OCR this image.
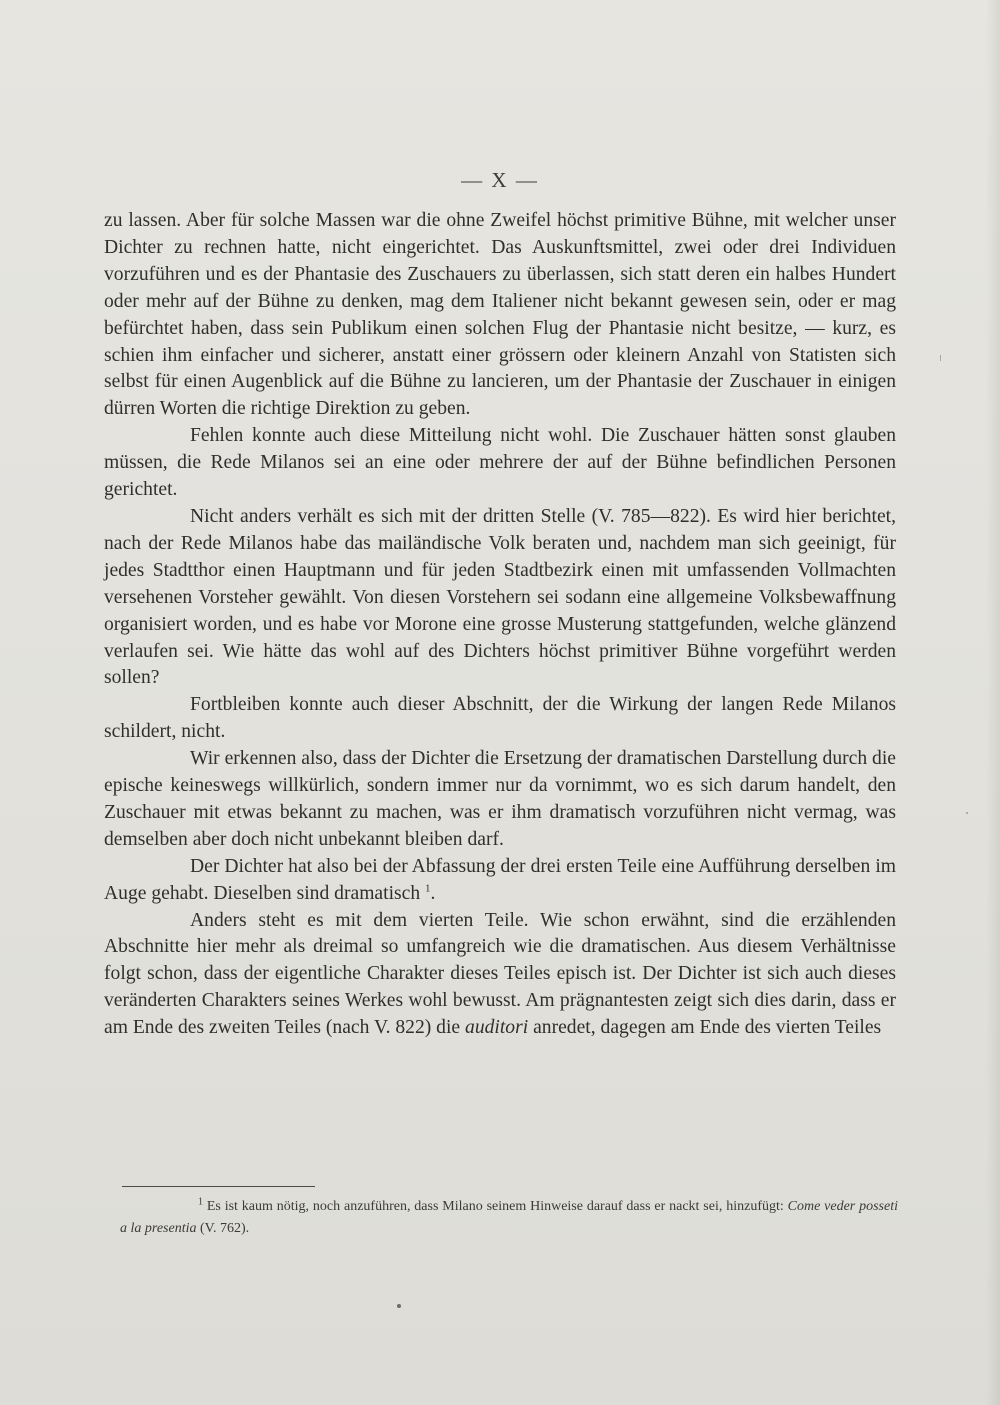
— X —

zu lassen. Aber für solche Massen war die ohne Zweifel höchst primitive Bühne, mit welcher unser Dichter zu rechnen hatte, nicht eingerichtet. Das Auskunftsmittel, zwei oder drei Individuen vorzuführen und es der Phantasie des Zuschauers zu überlassen, sich statt deren ein halbes Hundert oder mehr auf der Bühne zu denken, mag dem Italiener nicht bekannt gewesen sein, oder er mag befürchtet haben, dass sein Publikum einen solchen Flug der Phantasie nicht besitze, — kurz, es schien ihm einfacher und sicherer, anstatt einer grössern oder kleinern Anzahl von Statisten sich selbst für einen Augenblick auf die Bühne zu lancieren, um der Phantasie der Zuschauer in einigen dürren Worten die richtige Direktion zu geben.

Fehlen konnte auch diese Mitteilung nicht wohl. Die Zuschauer hätten sonst glauben müssen, die Rede Milanos sei an eine oder mehrere der auf der Bühne befindlichen Personen gerichtet.

Nicht anders verhält es sich mit der dritten Stelle (V. 785—822). Es wird hier berichtet, nach der Rede Milanos habe das mailändische Volk beraten und, nachdem man sich geeinigt, für jedes Stadtthor einen Hauptmann und für jeden Stadtbezirk einen mit umfassenden Vollmachten versehenen Vorsteher gewählt. Von diesen Vorstehern sei sodann eine allgemeine Volksbewaffnung organisiert worden, und es habe vor Morone eine grosse Musterung stattgefunden, welche glänzend verlaufen sei. Wie hätte das wohl auf des Dichters höchst primitiver Bühne vorgeführt werden sollen?

Fortbleiben konnte auch dieser Abschnitt, der die Wirkung der langen Rede Milanos schildert, nicht.

Wir erkennen also, dass der Dichter die Ersetzung der dramatischen Darstellung durch die epische keineswegs willkürlich, sondern immer nur da vornimmt, wo es sich darum handelt, den Zuschauer mit etwas bekannt zu machen, was er ihm dramatisch vorzuführen nicht vermag, was demselben aber doch nicht unbekannt bleiben darf.

Der Dichter hat also bei der Abfassung der drei ersten Teile eine Aufführung derselben im Auge gehabt. Dieselben sind dramatisch $^1$.

Anders steht es mit dem vierten Teile. Wie schon erwähnt, sind die erzählenden Abschnitte hier mehr als dreimal so umfangreich wie die dramatischen. Aus diesem Verhältnisse folgt schon, dass der eigentliche Charakter dieses Teiles episch ist. Der Dichter ist sich auch dieses veränderten Charakters seines Werkes wohl bewusst. Am prägnantesten zeigt sich dies darin, dass er am Ende des zweiten Teiles (nach V. 822) die auditori anredet, dagegen am Ende des vierten Teiles

$^1$ Es ist kaum nötig, noch anzuführen, dass Milano seinem Hinweise darauf dass er nackt sei, hinzufügt: Come veder posseti a la presentia (V. 762).
